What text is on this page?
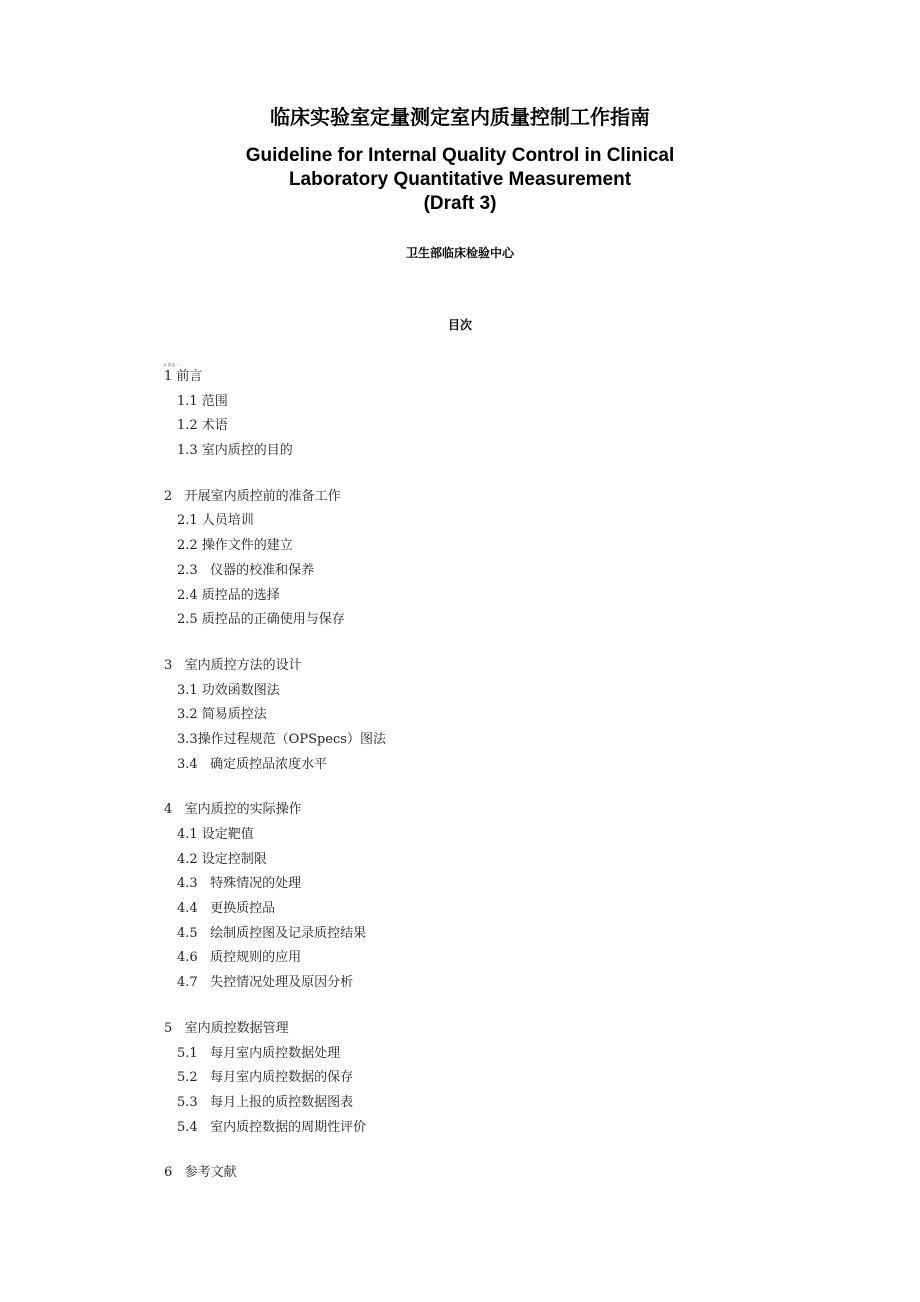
临床实验室定量测定室内质量控制工作指南
Guideline for Internal Quality Control in Clinical
Laboratory Quantitative Measurement
(Draft 3)
卫生部临床检验中心
目次
v 说是一
1 前言
1.1 范围
1.2 术语
1.3 室内质控的目的
2   开展室内质控前的准备工作
2.1 人员培训
2.2 操作文件的建立
2.3   仪器的校准和保养
2.4 质控品的选择
2.5 质控品的正确使用与保存
3   室内质控方法的设计
3.1 功效函数图法
3.2 简易质控法
3.3操作过程规范（OPSpecs）图法
3.4   确定质控品浓度水平
4   室内质控的实际操作
4.1 设定靶值
4.2 设定控制限
4.3   特殊情况的处理
4.4   更换质控品
4.5   绘制质控图及记录质控结果
4.6   质控规则的应用
4.7   失控情况处理及原因分析
5   室内质控数据管理
5.1   每月室内质控数据处理
5.2   每月室内质控数据的保存
5.3   每月上报的质控数据图表
5.4   室内质控数据的周期性评价
6   参考文献
